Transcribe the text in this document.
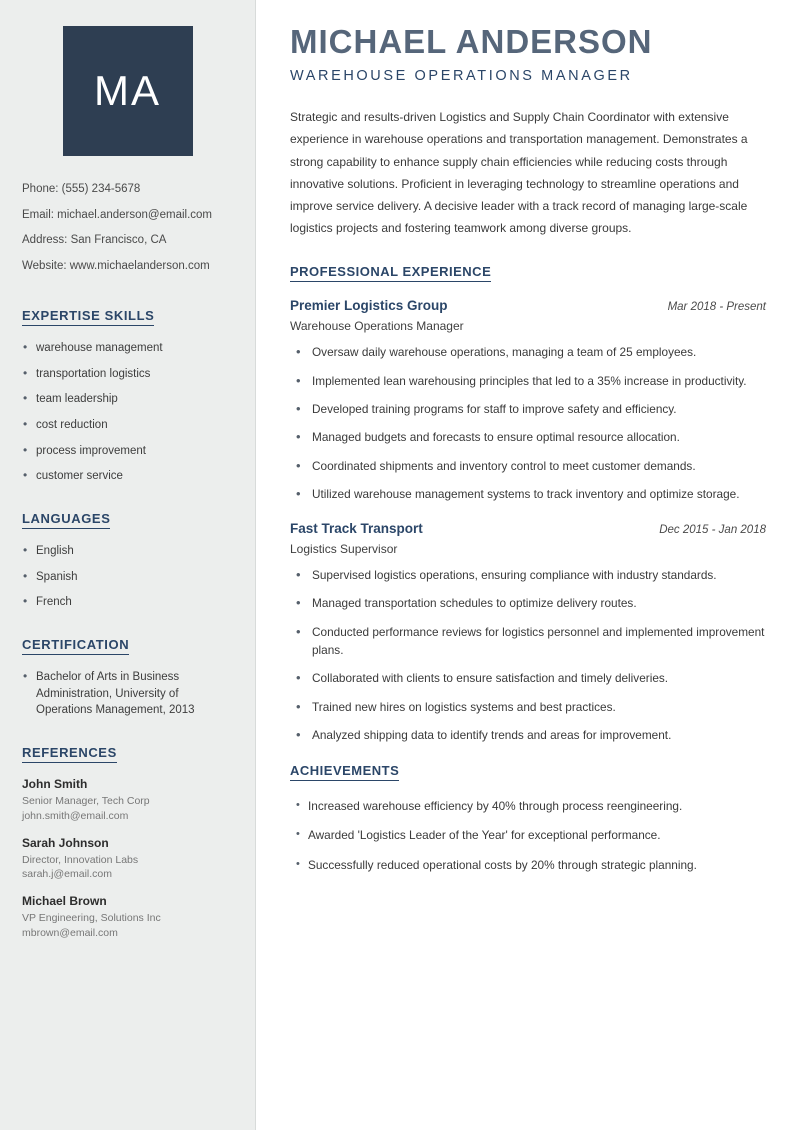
MA
Phone: (555) 234-5678
Email: michael.anderson@email.com
Address: San Francisco, CA
Website: www.michaelanderson.com
EXPERTISE SKILLS
• warehouse management
• transportation logistics
• team leadership
• cost reduction
• process improvement
• customer service
LANGUAGES
• English
• Spanish
• French
CERTIFICATION
• Bachelor of Arts in Business Administration, University of Operations Management, 2013
REFERENCES
John Smith
Senior Manager, Tech Corp
john.smith@email.com
Sarah Johnson
Director, Innovation Labs
sarah.j@email.com
Michael Brown
VP Engineering, Solutions Inc
mbrown@email.com
MICHAEL ANDERSON
WAREHOUSE OPERATIONS MANAGER

Strategic and results-driven Logistics and Supply Chain Coordinator with extensive experience in warehouse operations and transportation management. Demonstrates a strong capability to enhance supply chain efficiencies while reducing costs through innovative solutions. Proficient in leveraging technology to streamline operations and improve service delivery. A decisive leader with a track record of managing large-scale logistics projects and fostering teamwork among diverse groups.

PROFESSIONAL EXPERIENCE
Premier Logistics Group	Mar 2018 - Present
Warehouse Operations Manager
• Oversaw daily warehouse operations, managing a team of 25 employees.
• Implemented lean warehousing principles that led to a 35% increase in productivity.
• Developed training programs for staff to improve safety and efficiency.
• Managed budgets and forecasts to ensure optimal resource allocation.
• Coordinated shipments and inventory control to meet customer demands.
• Utilized warehouse management systems to track inventory and optimize storage.
Fast Track Transport	Dec 2015 - Jan 2018
Logistics Supervisor
• Supervised logistics operations, ensuring compliance with industry standards.
• Managed transportation schedules to optimize delivery routes.
• Conducted performance reviews for logistics personnel and implemented improvement plans.
• Collaborated with clients to ensure satisfaction and timely deliveries.
• Trained new hires on logistics systems and best practices.
• Analyzed shipping data to identify trends and areas for improvement.
ACHIEVEMENTS
• Increased warehouse efficiency by 40% through process reengineering.
• Awarded 'Logistics Leader of the Year' for exceptional performance.
• Successfully reduced operational costs by 20% through strategic planning.
